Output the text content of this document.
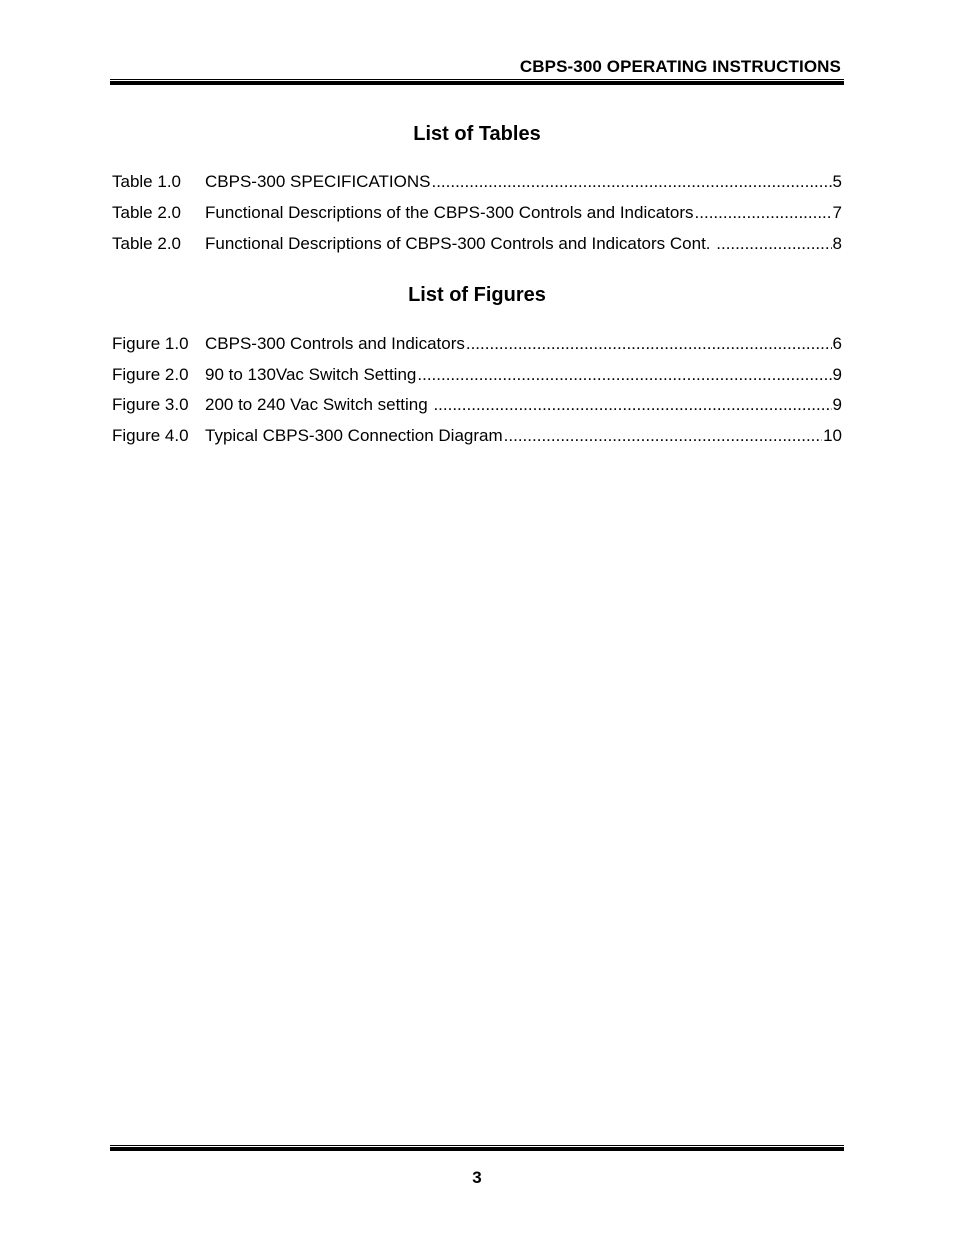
CBPS-300 OPERATING INSTRUCTIONS
List of Tables
Table 1.0	CBPS-300 SPECIFICATIONS .....	5
Table 2.0	Functional Descriptions of the CBPS-300 Controls and Indicators .....	7
Table 2.0	Functional Descriptions of CBPS-300 Controls and Indicators Cont. .....	8
List of Figures
Figure 1.0 CBPS-300 Controls and Indicators .....	6
Figure 2.0 90 to 130Vac Switch Setting .....	9
Figure 3.0 200 to 240 Vac Switch setting .....	9
Figure 4.0 Typical CBPS-300 Connection Diagram .....	10
3
